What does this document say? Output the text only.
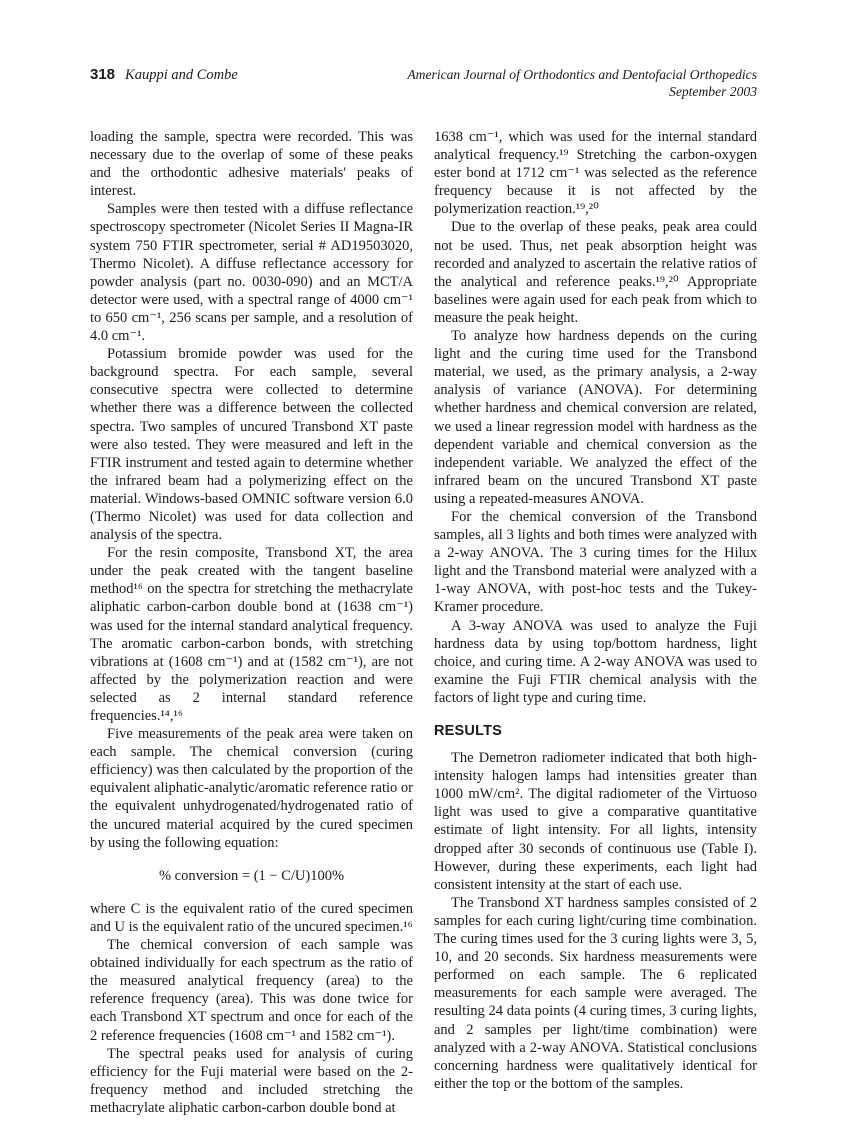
318 Kauppi and Combe	American Journal of Orthodontics and Dentofacial Orthopedics
September 2003

loading the sample, spectra were recorded. This was necessary due to the overlap of some of these peaks and the orthodontic adhesive materials' peaks of interest.

Samples were then tested with a diffuse reflectance spectroscopy spectrometer (Nicolet Series II Magna-IR system 750 FTIR spectrometer, serial # AD19503020, Thermo Nicolet). A diffuse reflectance accessory for powder analysis (part no. 0030-090) and an MCT/A detector were used, with a spectral range of 4000 cm⁻¹ to 650 cm⁻¹, 256 scans per sample, and a resolution of 4.0 cm⁻¹.

Potassium bromide powder was used for the background spectra. For each sample, several consecutive spectra were collected to determine whether there was a difference between the collected spectra. Two samples of uncured Transbond XT paste were also tested. They were measured and left in the FTIR instrument and tested again to determine whether the infrared beam had a polymerizing effect on the material. Windows-based OMNIC software version 6.0 (Thermo Nicolet) was used for data collection and analysis of the spectra.

For the resin composite, Transbond XT, the area under the peak created with the tangent baseline method¹⁶ on the spectra for stretching the methacrylate aliphatic carbon-carbon double bond at (1638 cm⁻¹) was used for the internal standard analytical frequency. The aromatic carbon-carbon bonds, with stretching vibrations at (1608 cm⁻¹) and at (1582 cm⁻¹), are not affected by the polymerization reaction and were selected as 2 internal standard reference frequencies.¹⁴,¹⁶

Five measurements of the peak area were taken on each sample. The chemical conversion (curing efficiency) was then calculated by the proportion of the equivalent aliphatic-analytic/aromatic reference ratio or the equivalent unhydrogenated/hydrogenated ratio of the uncured material acquired by the cured specimen by using the following equation:

% conversion = (1 − C/U)100%

where C is the equivalent ratio of the cured specimen and U is the equivalent ratio of the uncured specimen.¹⁶

The chemical conversion of each sample was obtained individually for each spectrum as the ratio of the measured analytical frequency (area) to the reference frequency (area). This was done twice for each Transbond XT spectrum and once for each of the 2 reference frequencies (1608 cm⁻¹ and 1582 cm⁻¹).

The spectral peaks used for analysis of curing efficiency for the Fuji material were based on the 2-frequency method and included stretching the methacrylate aliphatic carbon-carbon double bond at

1638 cm⁻¹, which was used for the internal standard analytical frequency.¹⁹ Stretching the carbon-oxygen ester bond at 1712 cm⁻¹ was selected as the reference frequency because it is not affected by the polymerization reaction.¹⁹,²⁰

Due to the overlap of these peaks, peak area could not be used. Thus, net peak absorption height was recorded and analyzed to ascertain the relative ratios of the analytical and reference peaks.¹⁹,²⁰ Appropriate baselines were again used for each peak from which to measure the peak height.

To analyze how hardness depends on the curing light and the curing time used for the Transbond material, we used, as the primary analysis, a 2-way analysis of variance (ANOVA). For determining whether hardness and chemical conversion are related, we used a linear regression model with hardness as the dependent variable and chemical conversion as the independent variable. We analyzed the effect of the infrared beam on the uncured Transbond XT paste using a repeated-measures ANOVA.

For the chemical conversion of the Transbond samples, all 3 lights and both times were analyzed with a 2-way ANOVA. The 3 curing times for the Hilux light and the Transbond material were analyzed with a 1-way ANOVA, with post-hoc tests and the Tukey-Kramer procedure.

A 3-way ANOVA was used to analyze the Fuji hardness data by using top/bottom hardness, light choice, and curing time. A 2-way ANOVA was used to examine the Fuji FTIR chemical analysis with the factors of light type and curing time.

RESULTS

The Demetron radiometer indicated that both high-intensity halogen lamps had intensities greater than 1000 mW/cm². The digital radiometer of the Virtuoso light was used to give a comparative quantitative estimate of light intensity. For all lights, intensity dropped after 30 seconds of continuous use (Table I). However, during these experiments, each light had consistent intensity at the start of each use.

The Transbond XT hardness samples consisted of 2 samples for each curing light/curing time combination. The curing times used for the 3 curing lights were 3, 5, 10, and 20 seconds. Six hardness measurements were performed on each sample. The 6 replicated measurements for each sample were averaged. The resulting 24 data points (4 curing times, 3 curing lights, and 2 samples per light/time combination) were analyzed with a 2-way ANOVA. Statistical conclusions concerning hardness were qualitatively identical for either the top or the bottom of the samples.
